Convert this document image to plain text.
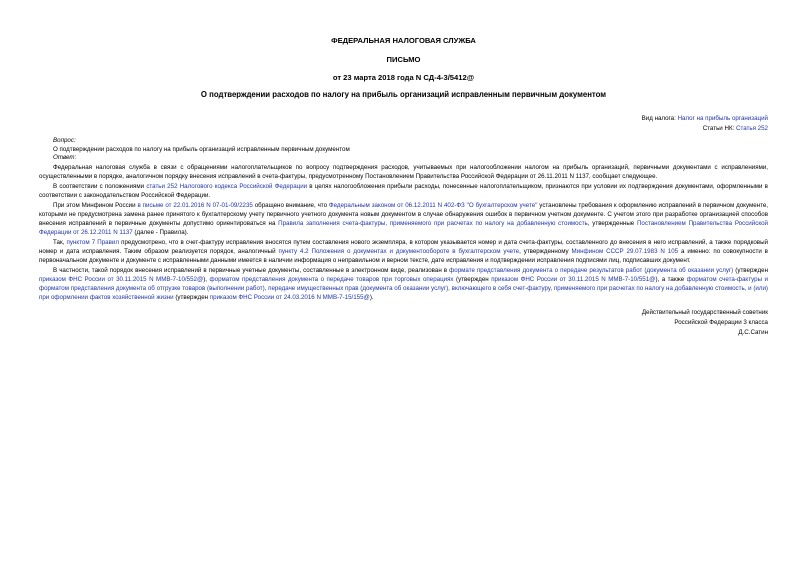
ФЕДЕРАЛЬНАЯ НАЛОГОВАЯ СЛУЖБА
ПИСЬМО
от 23 марта 2018 года N СД-4-3/5412@
О подтверждении расходов по налогу на прибыль организаций исправленным первичным документом
Вид налога: Налог на прибыль организаций
Статьи НК: Статья 252
Вопрос:
О подтверждении расходов по налогу на прибыль организаций исправленным первичным документом
Ответ:

Федеральная налоговая служба в связи с обращениями налогоплательщиков по вопросу подтверждения расходов, учитываемых при налогообложении налогом на прибыль организаций, первичными документами с исправлениями, осуществленными в порядке, аналогичном порядку внесения исправлений в счета-фактуры, предусмотренному Постановлением Правительства Российской Федерации от 26.11.2011 N 1137, сообщает следующее.

В соответствии с положениями статьи 252 Налогового кодекса Российской Федерации в целях налогообложения прибыли расходы, понесенные налогоплательщиком, признаются при условии их подтверждения документами, оформленными в соответствии с законодательством Российской Федерации.

При этом Минфином России в письме от 22.01.2016 N 07-01-09/2235 обращено внимание, что Федеральным законом от 06.12.2011 N 402-ФЗ "О бухгалтерском учете" установлены требования к оформлению исправлений в первичном документе, которыми не предусмотрена замена ранее принятого к бухгалтерскому учету первичного учетного документа новым документом в случае обнаружения ошибок в первичном учетном документе. С учетом этого при разработке организацией способов внесения исправлений в первичные документы допустимо ориентироваться на Правила заполнения счета-фактуры, применяемого при расчетах по налогу на добавленную стоимость, утвержденные Постановлением Правительства Российской Федерации от 26.12.2011 N 1137 (далее - Правила).

Так, пунктом 7 Правил предусмотрено, что в счет-фактуру исправления вносятся путем составления нового экземпляра, в котором указывается номер и дата счета-фактуры, составленного до внесения в него исправлений, а также порядковый номер и дата исправления. Таким образом реализуется порядок, аналогичный пункту 4.2 Положения о документах и документообороте в бухгалтерском учете, утвержденному Минфином СССР 29.07.1983 N 105 а именно: по совокупности в первоначальном документе и документе с исправленными данными имеется в наличии информация о неправильном и верном тексте, дате исправления и подтверждении исправления подписями лиц, подписавших документ.

В частности, такой порядок внесения исправлений в первичные учетные документы, составленные в электронном виде, реализован в формате представления документа о передаче результатов работ (документа об оказании услуг) (утвержден приказом ФНС России от 30.11.2015 N ММВ-7-10/552@), форматом представления документа о передаче товаров при торговых операциях (утвержден приказом ФНС России от 30.11.2015 N ММВ-7-10/551@), а также форматом счета-фактуры и форматом представления документа об отгрузке товаров (выполнении работ), передаче имущественных прав (документа об оказании услуг), включающего в себя счет-фактуру, применяемого при расчетах по налогу на добавленную стоимость, и (или) при оформлении фактов хозяйственной жизни (утвержден приказом ФНС России от 24.03.2016 N ММВ-7-15/155@).

Действительный государственный советник
Российской Федерации 3 класса
Д.С.Сатин
